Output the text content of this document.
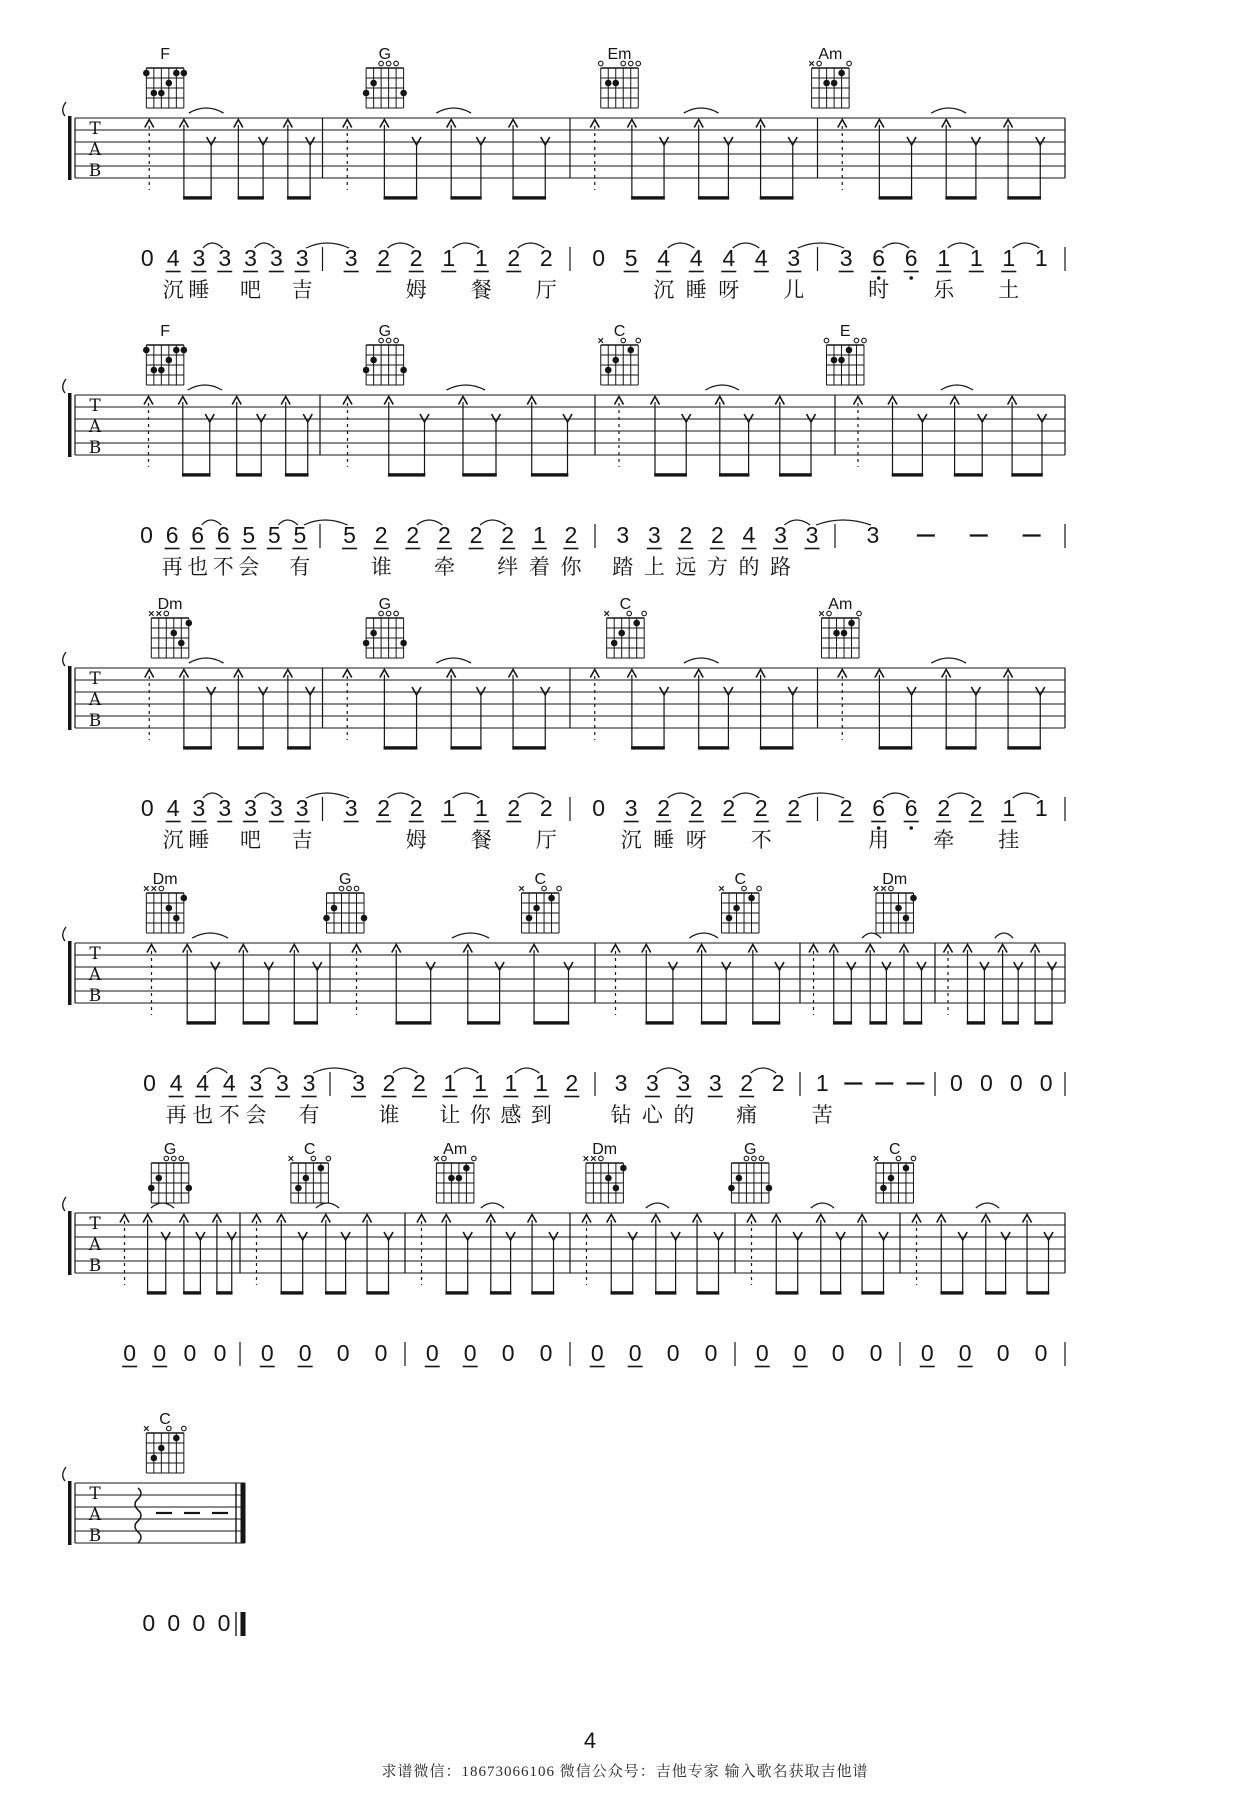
T
A
B
0 4 3 3 3 3 3 3 2 2 1 1 2 2 0 5 4 4 4 4 3 3 6 6 1 1 1 1
沉 睡 吧 吉	姆 餐 厅	沉 睡 呀 儿	时 乐 土
F	G	Em	Am
T
A
B
0 6 6 6 5 5 5 5 2 2 2 2 2 1 2 3 3 2 2 4 3 3 3
再 也 不 会 有	谁 牵 绊 着 你 踏 上 远 方 的 路
F	G	C	E
T
A
B
0 4 3 3 3 3 3 3 2 2 1 1 2 2 0 3 2 2 2 2 2 2 6 6 2 2 1 1
沉 睡 吧 吉	姆 餐 厅	沉 睡 呀 不	用 牵 挂
Dm	G	C	Am
T
A
B
0 4 4 4 3 3 3 3 2 2 1 1 1 1 2 3 3 3 3 2 2 1	0 0 0 0
再 也 不 会 有	谁 让 你 感 到	钻 心 的 痛	苦
Dm	G	C	C	Dm
T
A
B
0 0 0 0 0 0 0 0 0 0 0 0 0 0 0 0 0 0 0 0 0 0 0 0
G	C	Am	Dm	G	C
T
A
B
0 0 0 0
C
4
求谱微信：18673066106 微信公众号：吉他专家 输入歌名获取吉他谱
